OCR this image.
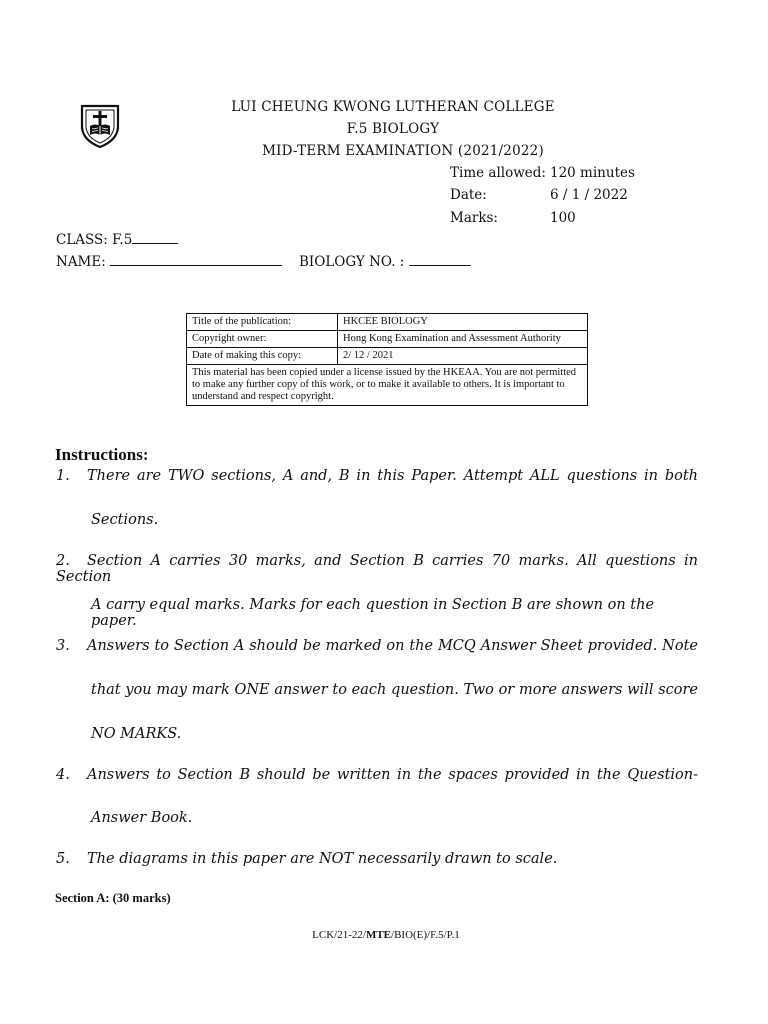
LUI CHEUNG KWONG LUTHERAN COLLEGE
F.5 BIOLOGY
MID-TERM EXAMINATION (2021/2022)
Time allowed: 120 minutes
Date:	6 / 1 / 2022
Marks:	100
CLASS: F.5
NAME:	BIOLOGY NO. :
Title of the publication:	HKCEE BIOLOGY
Copyright owner:	Hong Kong Examination and Assessment Authority
Date of making this copy:	2/ 12 / 2021
This material has been copied under a license issued by the HKEAA. You are not permitted to make any further copy of this work, or to make it available to others. It is important to understand and respect copyright.	
Instructions:
1. There are TWO sections, A and, B in this Paper. Attempt ALL questions in both
Sections.
2. Section A carries 30 marks, and Section B carries 70 marks. All questions in Section
A carry equal marks. Marks for each question in Section B are shown on the paper.
3. Answers to Section A should be marked on the MCQ Answer Sheet provided. Note
that you may mark ONE answer to each question. Two or more answers will score
NO MARKS.
4. Answers to Section B should be written in the spaces provided in the Question-
Answer Book.
5. The diagrams in this paper are NOT necessarily drawn to scale.
Section A: (30 marks)
LCK/21-22/MTE/BIO(E)/F.5/P.1
